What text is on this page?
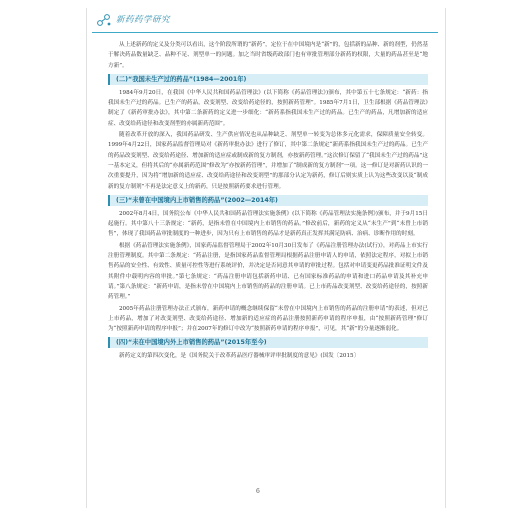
新药药学研究

从上述新药的定义及分类可以看出，这个阶段所谓的“新药”，定位于在中国境内是“新”的，包括新的品种、新的剂型，仍然基于解决药品数量缺乏、品种不足、剂型单一的问题。加之当时省级药政部门也有审批管理部分新药的权限，大量的药品甚至是“地方新”。

(二)“我国未生产过的药品”(1984—2001年)

1984年9月20日，在我国《中华人民共和国药品管理法》(以下简称《药品管理法》)颁布，其中第五十七条规定：“新药：指我国未生产过的药品。已生产的药品，改变剂型、改变给药途径的，按照新药管理”。1985年7月1日，卫生部根据《药品管理法》制定了《新药审批办法》，其中第二条新药的定义进一步细化：“新药系指我国未生产过的药品。已生产的药品，凡增加新的适应症、改变给药途径和改变剂型的亦属新药范围”。

随着改革开放的深入，我国药品研发、生产供应情况也从品种缺乏、剂型单一转变为总体多元化需求，保障质量安全转变。1999年4月22日，国家药品监督管理局对《新药审批办法》进行了修订，其中第二条规定“新药系指我国未生产过的药品。已生产的药品改变剂型、改变给药途径、增加新的适应症或制成新的复方制剂，亦按新药管理。”这次修订保留了“我国未生产过的药品”这一基本定义，但将其后的“亦属新药范围”修改为“亦按新药管理”，并增加了“制成新的复方制剂”一项。这一修订是对新药认识的一次重要提升，因为将“增加新的适应症、改变给药途径和改变剂型”的那部分认定为新药，修订后则实质上认为这些改变以及“制成新的复方制剂”不再是法定意义上的新药，只是按照新药要求进行管理。

(三)“未曾在中国境内上市销售的药品”(2002—2014年)

2002年8月4日，国务院公布《中华人民共和国药品管理法实施条例》(以下简称《药品管理法实施条例》)颁布，并于9月15日起施行。其中第八十三条规定：“新药，是指未曾在中国境内上市销售的药品。”修改前后，新药的定义从“未生产”到“未曾上市销售”，体现了我国药品审批制度的一种进步，因为只有上市销售的药品才是新药真正发挥其满足防病、治病、诊断作用的时刻。

根据《药品管理法实施条例》，国家药品监督管理局于2002年10月30日发布了《药品注册管理办法(试行)》，对药品上市实行注册管理制度。其中第二条规定：“药品注册，是指国家药品监督管理局根据药品注册申请人的申请，依照法定程序，对拟上市销售药品的安全性、有效性、质量可控性等进行系统评价，并决定是否同意其申请的审批过程。包括对申请变更药品批准证明文件及其附件中载明内容的审批。”第七条规定：“药品注册申请包括新药申请、已有国家标准药品的申请和进口药品申请及其补充申请。”第八条规定：“新药申请，是指未曾在中国境内上市销售的药品的注册申请。已上市药品改变剂型、改变给药途径的，按照新药管理。”

2005年药品注册管理办法正式颁布，新药申请的概念继续保留“未曾在中国境内上市销售的药品的注册申请”的表述，但对已上市药品，增加了对改变剂型、改变给药途径、增加新的适应症的药品注册按照新药申请的程序申报，由“按照新药管理”修订为“按照新药申请的程序申报”；并在2007年的修订中改为“按照新药申请的程序申报”，可见，其“新”的分量逐渐弱化。

(四)“未在中国境内外上市销售的药品”(2015年至今)

新药定义的第四次变化，是《国务院关于改革药品医疗器械审评审批制度的意见》(国发〔2015〕

6
